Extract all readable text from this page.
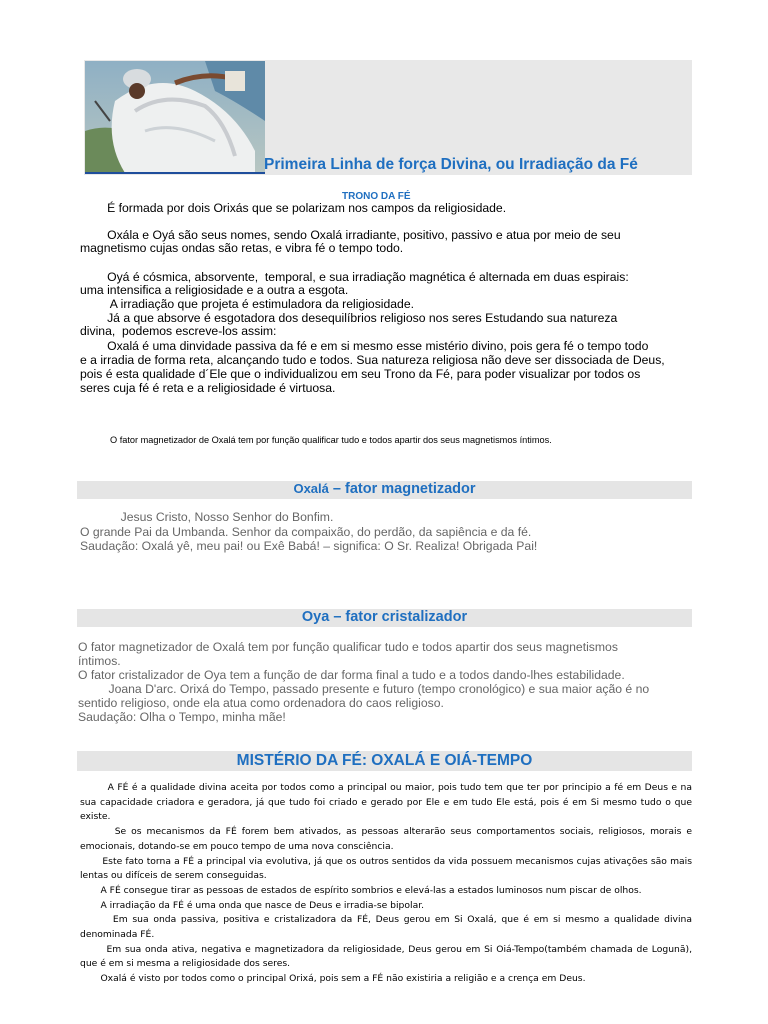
Primeira Linha de força Divina, ou Irradiação da Fé
TRONO DA FÉ
É formada por dois Orixás que se polarizam nos campos da religiosidade.
Oxála e Oyá são seus nomes, sendo Oxalá irradiante, positivo, passivo e atua por meio de seu
magnetismo cujas ondas são retas, e vibra fé o tempo todo.
Oyá é cósmica, absorvente,  temporal, e sua irradiação magnética é alternada em duas espirais:
uma intensifica a religiosidade e a outra a esgota.
A irradiação que projeta é estimuladora da religiosidade.
Já a que absorve é esgotadora dos desequilíbrios religioso nos seres Estudando sua natureza
divina,  podemos escreve-los assim:
Oxalá é uma dinvidade passiva da fé e em si mesmo esse mistério divino, pois gera fé o tempo todo
e a irradia de forma reta, alcançando tudo e todos. Sua natureza religiosa não deve ser dissociada de Deus,
pois é esta qualidade d´Ele que o individualizou em seu Trono da Fé, para poder visualizar por todos os
seres cuja fé é reta e a religiosidade é virtuosa.
O fator magnetizador de Oxalá tem por função qualificar tudo e todos apartir dos seus magnetismos íntimos.
Oxalá – fator magnetizador
Jesus Cristo, Nosso Senhor do Bonfim.
O grande Pai da Umbanda. Senhor da compaixão, do perdão, da sapiência e da fé.
Saudação: Oxalá yê, meu pai! ou Exê Babá! – significa: O Sr. Realiza! Obrigada Pai!
Oya – fator cristalizador
O fator magnetizador de Oxalá tem por função qualificar tudo e todos apartir dos seus magnetismos
íntimos.
O fator cristalizador de Oya tem a função de dar forma final a tudo e a todos dando-lhes estabilidade.
Joana D'arc. Orixá do Tempo, passado presente e futuro (tempo cronológico) e sua maior ação é no
sentido religioso, onde ela atua como ordenadora do caos religioso.
Saudação: Olha o Tempo, minha mãe!
MISTÉRIO DA FÉ: OXALÁ E OIÁ-TEMPO

A FÉ é a qualidade divina aceita por todos como a principal ou maior, pois tudo tem que ter por principio a fé em Deus e na sua capacidade criadora e geradora, já que tudo foi criado e gerado por Ele e em tudo Ele está, pois é em Si mesmo tudo o que existe.

Se os mecanismos da FÉ forem bem ativados, as pessoas alterarão seus comportamentos sociais, religiosos, morais e emocionais, dotando-se em pouco tempo de uma nova consciência.

Este fato torna a FÉ a principal via evolutiva, já que os outros sentidos da vida possuem mecanismos cujas ativações são mais lentas ou difíceis de serem conseguidas.

A FÉ consegue tirar as pessoas de estados de espírito sombrios e elevá-las a estados luminosos num piscar de olhos.

A irradiação da FÉ é uma onda que nasce de Deus e irradia-se bipolar.

Em sua onda passiva, positiva e cristalizadora da FÉ, Deus gerou em Si Oxalá, que é em si mesmo a qualidade divina denominada FÉ.

Em sua onda ativa, negativa e magnetizadora da religiosidade, Deus gerou em Si Oiá-Tempo(também chamada de Logunã), que é em si mesma a religiosidade dos seres.

Oxalá é visto por todos como o principal Orixá, pois sem a FÉ não existiria a religião e a crença em Deus.
